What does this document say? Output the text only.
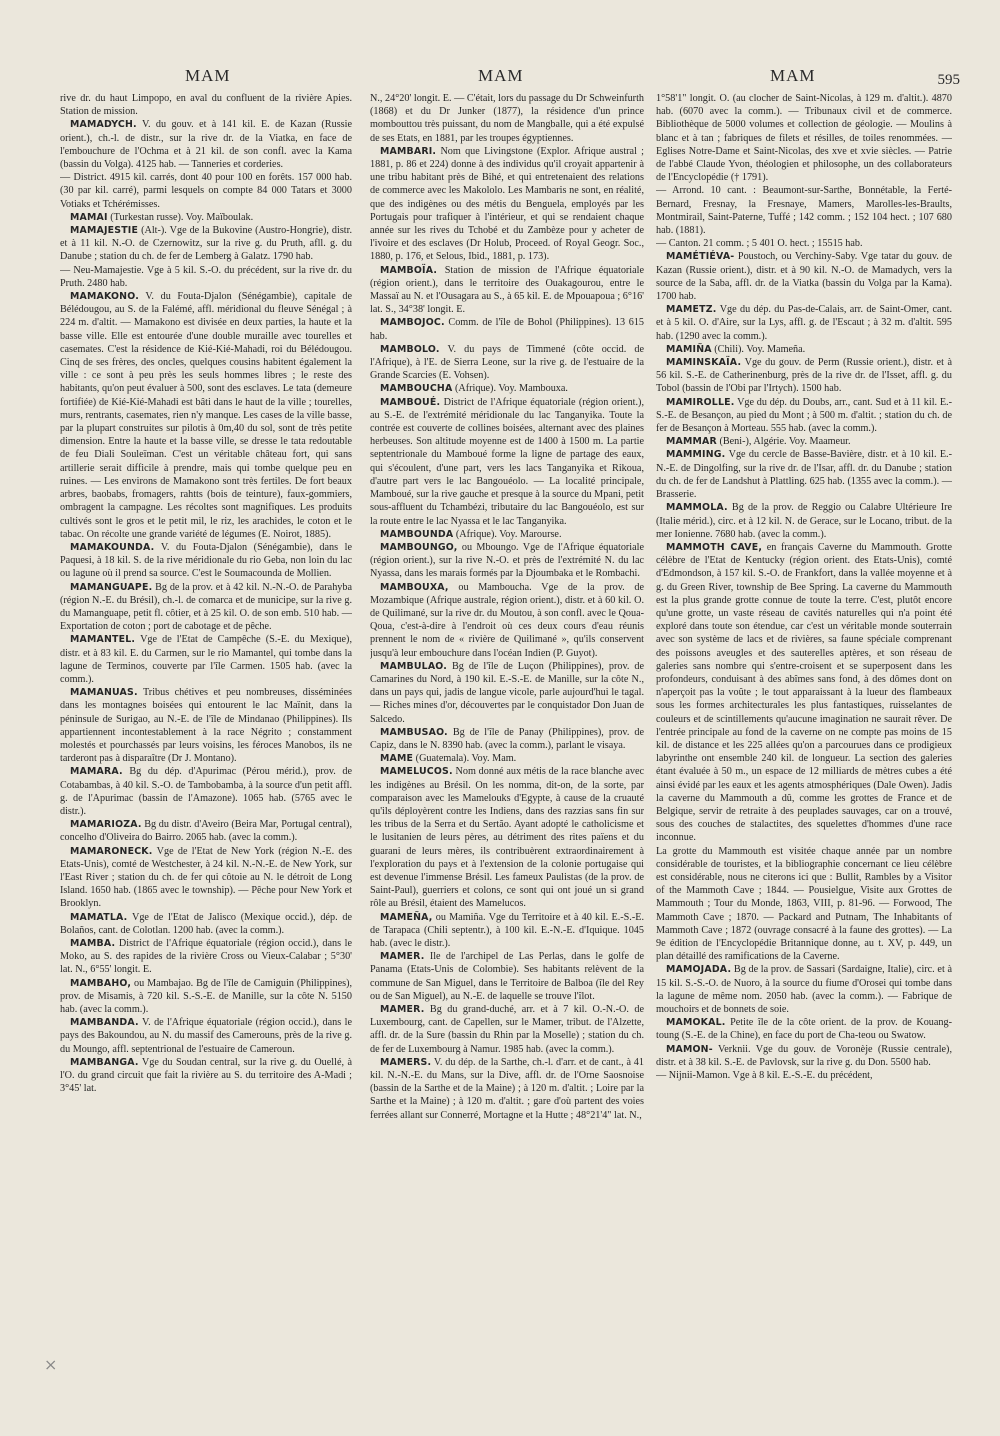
MAM	MAM	MAM	595

rive dr. du haut Limpopo, en aval du confluent de la rivière Apies. Station de mission.

MAMADYCH. V. du gouv. et à 141 kil. E. de Kazan (Russie orient.), ch.-l. de distr., sur la rive dr. de la Viatka, en face de l'embouchure de l'Ochma et à 21 kil. de son confl. avec la Kama (bassin du Volga). 4125 hab. — Tanneries et corderies.

— District. 4915 kil. carrés, dont 40 pour 100 en forêts. 157 000 hab. (30 par kil. carré), parmi lesquels on compte 84 000 Tatars et 3000 Votiaks et Tchérémisses.

MAMAI (Turkestan russe). Voy. Maïboulak.

MAMAJESTIE (Alt-). Vge de la Bukovine (Austro-Hongrie), distr. et à 11 kil. N.-O. de Czernowitz, sur la rive g. du Pruth, afll. g. du Danube ; station du ch. de fer de Lemberg à Galatz. 1790 hab.

— Neu-Mamajestie. Vge à 5 kil. S.-O. du précédent, sur la rive dr. du Pruth. 2480 hab.

MAMAKONO. V. du Fouta-Djalon (Sénégambie), capitale de Bélédougou, au S. de la Falémé, affl. méridional du fleuve Sénégal ; à 224 m. d'altit. — Mamakono est divisée en deux parties, la haute et la basse ville. Elle est entourée d'une double muraille avec tourelles et casemates. C'est la résidence de Kié-Kié-Mahadi, roi du Bélédougou. Cinq de ses frères, des oncles, quelques cousins habitent également la ville : ce sont à peu près les seuls hommes libres ; le reste des habitants, qu'on peut évaluer à 500, sont des esclaves. Le tata (demeure fortifiée) de Kié-Kié-Mahadi est bâti dans le haut de la ville ; tourelles, murs, rentrants, casemates, rien n'y manque. Les cases de la ville basse, par la plupart construites sur pilotis à 0m,40 du sol, sont de très petite dimension. Entre la haute et la basse ville, se dresse le tata redoutable de feu Diali Souleïman. C'est un véritable château fort, qui sans artillerie serait difficile à prendre, mais qui tombe quelque peu en ruines. — Les environs de Mamakono sont très fertiles. De fort beaux arbres, baobabs, fromagers, rahtts (bois de teinture), faux-gommiers, ombragent la campagne. Les récoltes sont magnifiques. Les produits cultivés sont le gros et le petit mil, le riz, les arachides, le coton et le tabac. On récolte une grande variété de légumes (E. Noirot, 1885).

MAMAKOUNDA. V. du Fouta-Djalon (Sénégambie), dans le Paquesi, à 18 kil. S. de la rive méridionale du rio Geba, non loin du lac ou lagune où il prend sa source. C'est le Soumacounda de Mollien.

MAMANGUAPE. Bg de la prov. et à 42 kil. N.-N.-O. de Parahyba (région N.-E. du Brésil), ch.-l. de comarca et de municipe, sur la rive g. du Mamanguape, petit fl. côtier, et à 25 kil. O. de son emb. 510 hab. — Exportation de coton ; port de cabotage et de pêche.

MAMANTEL. Vge de l'Etat de Campêche (S.-E. du Mexique), distr. et à 83 kil. E. du Carmen, sur le rio Mamantel, qui tombe dans la lagune de Terminos, couverte par l'île Carmen. 1505 hab. (avec la comm.).

MAMANUAS. Tribus chétives et peu nombreuses, disséminées dans les montagnes boisées qui entourent le lac Maïnit, dans la péninsule de Surigao, au N.-E. de l'île de Mindanao (Philippines). Ils appartiennent incontestablement à la race Négrito ; constamment molestés et pourchassés par leurs voisins, les féroces Manobos, ils ne tarderont pas à disparaître (Dr J. Montano).

MAMARA. Bg du dép. d'Apurimac (Pérou mérid.), prov. de Cotabambas, à 40 kil. S.-O. de Tambobamba, à la source d'un petit affl. g. de l'Apurimac (bassin de l'Amazone). 1065 hab. (5765 avec le distr.).

MAMARIOZA. Bg du distr. d'Aveiro (Beira Mar, Portugal central), concelho d'Oliveira do Bairro. 2065 hab. (avec la comm.).

MAMARONECK. Vge de l'Etat de New York (région N.-E. des Etats-Unis), comté de Westchester, à 24 kil. N.-N.-E. de New York, sur l'East River ; station du ch. de fer qui côtoie au N. le détroit de Long Island. 1650 hab. (1865 avec le township). — Pêche pour New York et Brooklyn.

MAMATLA. Vge de l'Etat de Jalisco (Mexique occid.), dép. de Bolaños, cant. de Colotlan. 1200 hab. (avec la comm.).

MAMBA. District de l'Afrique équatoriale (région occid.), dans le Moko, au S. des rapides de la rivière Cross ou Vieux-Calabar ; 5°30' lat. N., 6°55' longit. E.

MAMBAHO, ou Mambajao. Bg de l'île de Camiguin (Philippines), prov. de Misamis, à 720 kil. S.-S.-E. de Manille, sur la côte N. 5150 hab. (avec la comm.).

MAMBANDA. V. de l'Afrique équatoriale (région occid.), dans le pays des Bakoundou, au N. du massif des Camerouns, près de la rive g. du Moungo, affl. septentrional de l'estuaire de Cameroun.

MAMBANGA. Vge du Soudan central, sur la rive g. du Ouellé, à l'O. du grand circuit que fait la rivière au S. du territoire des A-Madi ; 3°45' lat.

N., 24°20' longit. E. — C'était, lors du passage du Dr Schweinfurth (1868) et du Dr Junker (1877), la résidence d'un prince mombouttou très puissant, du nom de Mangballe, qui a été expulsé de ses Etats, en 1881, par les troupes égyptiennes.

MAMBARI. Nom que Livingstone (Explor. Afrique austral ; 1881, p. 86 et 224) donne à des individus qu'il croyait appartenir à une tribu habitant près de Bihé, et qui entretenaient des relations de commerce avec les Makololo. Les Mambaris ne sont, en réalité, que des indigènes ou des métis du Benguela, employés par les Portugais pour trafiquer à l'intérieur, et qui se rendaient chaque année sur les rives du Tchobé et du Zambèze pour y acheter de l'ivoire et des esclaves (Dr Holub, Proceed. of Royal Geogr. Soc., 1880, p. 176, et Selous, Ibid., 1881, p. 173).

MAMBOÏA. Station de mission de l'Afrique équatoriale (région orient.), dans le territoire des Ouakagourou, entre le Massaï au N. et l'Ousagara au S., à 65 kil. E. de Mpouapoua ; 6°16' lat. S., 34°38' longit. E.

MAMBOJOC. Comm. de l'île de Bohol (Philippines). 13 615 hab.

MAMBOLO. V. du pays de Timmené (côte occid. de l'Afrique), à l'E. de Sierra Leone, sur la rive g. de l'estuaire de la Grande Scarcies (E. Vohsen).

MAMBOUCHA (Afrique). Voy. Mambouxa.

MAMBOUÉ. District de l'Afrique équatoriale (région orient.), au S.-E. de l'extrémité méridionale du lac Tanganyika. Toute la contrée est couverte de collines boisées, alternant avec des plaines herbeuses. Son altitude moyenne est de 1400 à 1500 m. La partie septentrionale du Mamboué forme la ligne de partage des eaux, qui s'écoulent, d'une part, vers les lacs Tanganyika et Rikoua, d'autre part vers le lac Bangouéolo. — La localité principale, Mamboué, sur la rive gauche et presque à la source du Mpani, petit sous-affluent du Tchambézi, tributaire du lac Bangouéolo, est sur la route entre le lac Nyassa et le lac Tanganyika.

MAMBOUNDA (Afrique). Voy. Marourse.

MAMBOUNGO, ou Mboungo. Vge de l'Afrique équatoriale (région orient.), sur la rive N.-O. et près de l'extrémité N. du lac Nyassa, dans les marais formés par la Djoumbaka et le Rombachi.

MAMBOUXA, ou Mamboucha. Vge de la prov. de Mozambique (Afrique australe, région orient.), distr. et à 60 kil. O. de Quilimané, sur la rive dr. du Moutou, à son confl. avec le Qoua-Qoua, c'est-à-dire à l'endroit où ces deux cours d'eau réunis prennent le nom de « rivière de Quilimané », qu'ils conservent jusqu'à leur embouchure dans l'océan Indien (P. Guyot).

MAMBULAO. Bg de l'île de Luçon (Philippines), prov. de Camarines du Nord, à 190 kil. E.-S.-E. de Manille, sur la côte N., dans un pays qui, jadis de langue vicole, parle aujourd'hui le tagal. — Riches mines d'or, découvertes par le conquistador Don Juan de Salcedo.

MAMBUSAO. Bg de l'île de Panay (Philippines), prov. de Capiz, dans le N. 8390 hab. (avec la comm.), parlant le visaya.

MAME (Guatemala). Voy. Mam.

MAMELUCOS. Nom donné aux métis de la race blanche avec les indigènes au Brésil. On les nomma, dit-on, de la sorte, par comparaison avec les Mamelouks d'Egypte, à cause de la cruauté qu'ils déployèrent contre les Indiens, dans des razzias sans fin sur les tribus de la Serra et du Sertão. Ayant adopté le catholicisme et le lusitanien de leurs pères, au détriment des rites païens et du guarani de leurs mères, ils contribuèrent extraordinairement à l'exploration du pays et à l'extension de la colonie portugaise qui est devenue l'immense Brésil. Les fameux Paulistas (de la prov. de Saint-Paul), guerriers et colons, ce sont qui ont joué un si grand rôle au Brésil, étaient des Mamelucos.

MAMEÑA, ou Mamiña. Vge du Territoire et à 40 kil. E.-S.-E. de Tarapaca (Chili septentr.), à 100 kil. E.-N.-E. d'Iquique. 1045 hab. (avec le distr.).

MAMER. Ile de l'archipel de Las Perlas, dans le golfe de Panama (Etats-Unis de Colombie). Ses habitants relèvent de la commune de San Miguel, dans le Territoire de Balboa (île del Rey ou de San Miguel), au N.-E. de laquelle se trouve l'îlot.

MAMER. Bg du grand-duché, arr. et à 7 kil. O.-N.-O. de Luxembourg, cant. de Capellen, sur le Mamer, tribut. de l'Alzette, affl. dr. de la Sure (bassin du Rhin par la Moselle) ; station du ch. de fer de Luxembourg à Namur. 1985 hab. (avec la comm.).

MAMERS. V. du dép. de la Sarthe, ch.-l. d'arr. et de cant., à 41 kil. N.-N.-E. du Mans, sur la Dive, affl. dr. de l'Orne Saosnoise (bassin de la Sarthe et de la Maine) ; à 120 m. d'altit. ; Loire par la Sarthe et la Maine) ; à 120 m. d'altit. ; gare d'où partent des voies ferrées allant sur Connerré, Mortagne et la Hutte ; 48°21'4" lat. N.,

1°58'1" longit. O. (au clocher de Saint-Nicolas, à 129 m. d'altit.). 4870 hab. (6070 avec la comm.). — Tribunaux civil et de commerce. Bibliothèque de 5000 volumes et collection de géologie. — Moulins à blanc et à tan ; fabriques de filets et résilles, de toiles renommées. — Eglises Notre-Dame et Saint-Nicolas, des xve et xvie siècles. — Patrie de l'abbé Claude Yvon, théologien et philosophe, un des collaborateurs de l'Encyclopédie († 1791).

— Arrond. 10 cant. : Beaumont-sur-Sarthe, Bonnétable, la Ferté-Bernard, Fresnay, la Fresnaye, Mamers, Marolles-les-Braults, Montmirail, Saint-Paterne, Tuffé ; 142 comm. ; 152 104 hect. ; 107 680 hab. (1881).

— Canton. 21 comm. ; 5 401 O. hect. ; 15515 hab.

MAMÉTIÉVA- Poustoch, ou Verchiny-Saby. Vge tatar du gouv. de Kazan (Russie orient.), distr. et à 90 kil. N.-O. de Mamadych, vers la source de la Saba, affl. dr. de la Viatka (bassin du Volga par la Kama). 1700 hab.

MAMETZ. Vge du dép. du Pas-de-Calais, arr. de Saint-Omer, cant. et à 5 kil. O. d'Aire, sur la Lys, affl. g. de l'Escaut ; à 32 m. d'altit. 595 hab. (1290 avec la comm.).

MAMIÑA (Chili). Voy. Mameña.

MAMINSKAÏA. Vge du gouv. de Perm (Russie orient.), distr. et à 56 kil. S.-E. de Catherinenburg, près de la rive dr. de l'Isset, affl. g. du Tobol (bassin de l'Obi par l'Irtych). 1500 hab.

MAMIROLLE. Vge du dép. du Doubs, arr., cant. Sud et à 11 kil. E.-S.-E. de Besançon, au pied du Mont ; à 500 m. d'altit. ; station du ch. de fer de Besançon à Morteau. 555 hab. (avec la comm.).

MAMMAR (Beni-), Algérie. Voy. Maameur.

MAMMING. Vge du cercle de Basse-Bavière, distr. et à 10 kil. E.-N.-E. de Dingolfing, sur la rive dr. de l'Isar, affl. dr. du Danube ; station du ch. de fer de Landshut à Plattling. 625 hab. (1355 avec la comm.). — Brasserie.

MAMMOLA. Bg de la prov. de Reggio ou Calabre Ultérieure Ire (Italie mérid.), circ. et à 12 kil. N. de Gerace, sur le Locano, tribut. de la mer Ionienne. 7680 hab. (avec la comm.).

MAMMOTH CAVE, en français Caverne du Mammouth. Grotte célèbre de l'Etat de Kentucky (région orient. des Etats-Unis), comté d'Edmondson, à 157 kil. S.-O. de Frankfort, dans la vallée moyenne et à g. du Green River, township de Bee Spring. La caverne du Mammouth est la plus grande grotte connue de toute la terre. C'est, plutôt encore qu'une grotte, un vaste réseau de cavités naturelles qui n'a point été exploré dans toute son étendue, car c'est un véritable monde souterrain avec son système de lacs et de rivières, sa faune spéciale comprenant des poissons aveugles et des sauterelles aptères, et son réseau de galeries sans nombre qui s'entre-croisent et se superposent dans les profondeurs, conduisant à des abîmes sans fond, à des dômes dont on n'aperçoit pas la voûte ; le tout apparaissant à la lueur des flambeaux sous les formes architecturales les plus fantastiques, ruisselantes de couleurs et de scintillements qu'aucune imagination ne saurait rêver. De l'entrée principale au fond de la caverne on ne compte pas moins de 15 kil. de distance et les 225 allées qu'on a parcourues dans ce prodigieux labyrinthe ont ensemble 240 kil. de longueur. La section des galeries étant évaluée à 50 m., un espace de 12 milliards de mètres cubes a été ainsi évidé par les eaux et les agents atmosphériques (Dale Owen). Jadis la caverne du Mammouth a dû, comme les grottes de France et de Belgique, servir de retraite à des peuplades sauvages, car on a trouvé, sous des couches de stalactites, des squelettes d'hommes d'une race inconnue.

La grotte du Mammouth est visitée chaque année par un nombre considérable de touristes, et la bibliographie concernant ce lieu célèbre est considérable, nous ne citerons ici que : Bullit, Rambles by a Visitor of the Mammoth Cave ; 1844. — Pousielgue, Visite aux Grottes de Mammouth ; Tour du Monde, 1863, VIII, p. 81-96. — Forwood, The Mammoth Cave ; 1870. — Packard and Putnam, The Inhabitants of Mammoth Cave ; 1872 (ouvrage consacré à la faune des grottes). — La 9e édition de l'Encyclopédie Britannique donne, au t. XV, p. 449, un plan détaillé des ramifications de la Caverne.

MAMOJADA. Bg de la prov. de Sassari (Sardaigne, Italie), circ. et à 15 kil. S.-S.-O. de Nuoro, à la source du fiume d'Orosei qui tombe dans la lagune de même nom. 2050 hab. (avec la comm.). — Fabrique de mouchoirs et de bonnets de soie.

MAMOKAL. Petite île de la côte orient. de la prov. de Kouang-toung (S.-E. de la Chine), en face du port de Cha-teou ou Swatow.

MAMON- Verknii. Vge du gouv. de Voronèje (Russie centrale), distr. et à 38 kil. S.-E. de Pavlovsk, sur la rive g. du Don. 5500 hab.

— Nijnii-Mamon. Vge à 8 kil. E.-S.-E. du précédent,

×
